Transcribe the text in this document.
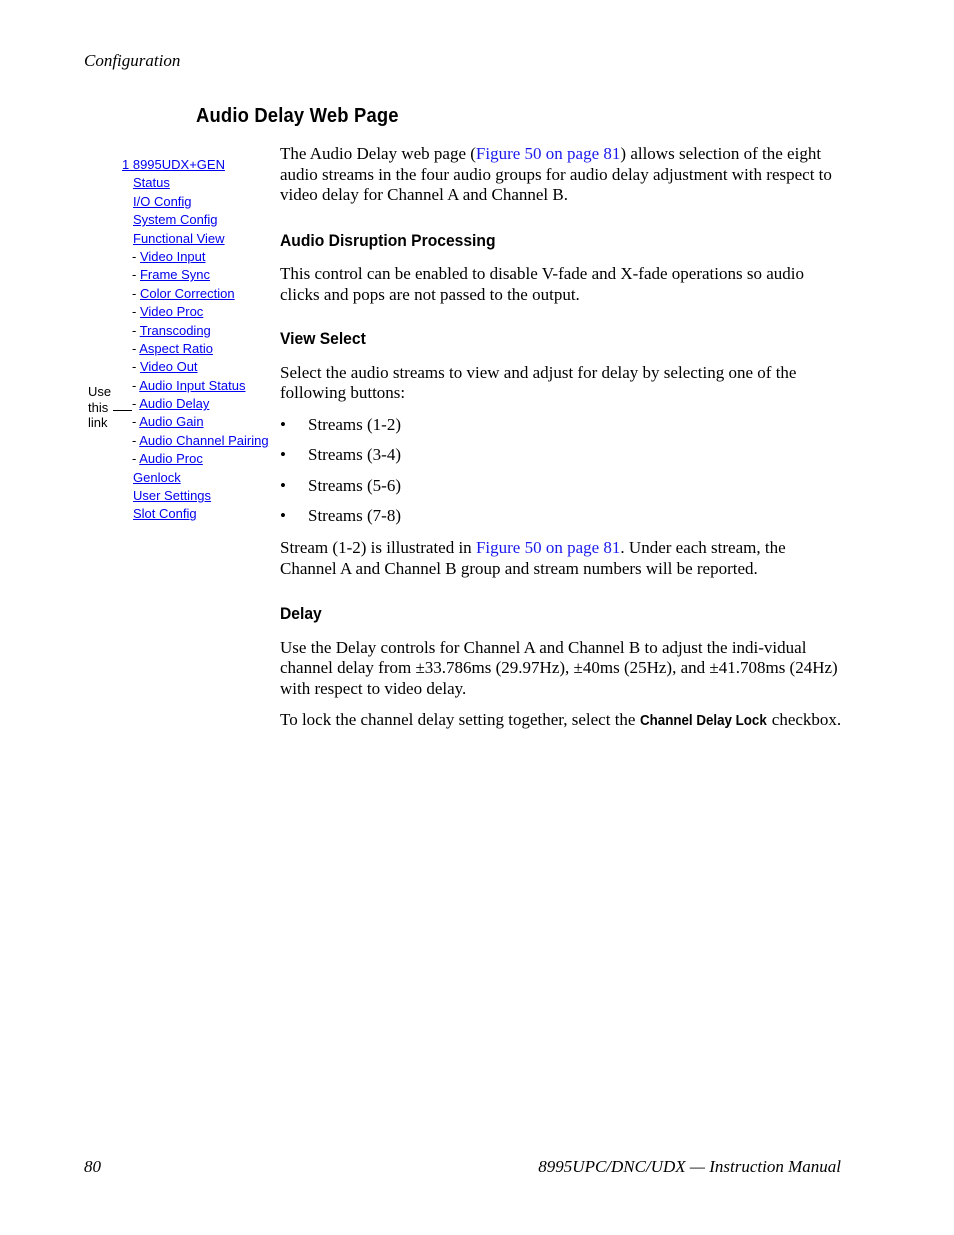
Configuration
Audio Delay Web Page
1 8995UDX+GEN
Status
I/O Config
System Config
Functional View
- Video Input
- Frame Sync
- Color Correction
- Video Proc
- Transcoding
- Aspect Ratio
- Video Out
- Audio Input Status
- Audio Delay
- Audio Gain
- Audio Channel Pairing
- Audio Proc
Genlock
User Settings
Slot Config
Use
this
link

The Audio Delay web page (Figure 50 on page 81) allows selection of the eight audio streams in the four audio groups for audio delay adjustment with respect to video delay for Channel A and Channel B.

Audio Disruption Processing

This control can be enabled to disable V-fade and X-fade operations so audio clicks and pops are not passed to the output.

View Select

Select the audio streams to view and adjust for delay by selecting one of the following buttons:

• Streams (1-2)
• Streams (3-4)
• Streams (5-6)
• Streams (7-8)

Stream (1-2) is illustrated in Figure 50 on page 81. Under each stream, the Channel A and Channel B group and stream numbers will be reported.

Delay

Use the Delay controls for Channel A and Channel B to adjust the indi-vidual channel delay from ±33.786ms (29.97Hz), ±40ms (25Hz), and ±41.708ms (24Hz) with respect to video delay.

To lock the channel delay setting together, select the Channel Delay Lock checkbox.

80	8995UPC/DNC/UDX — Instruction Manual
